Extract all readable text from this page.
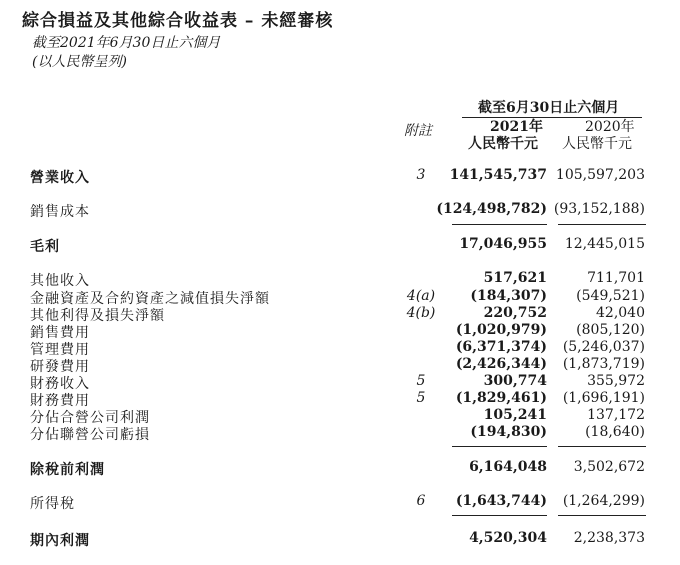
綜合損益及其他綜合收益表 – 未經審核
截至2021年6月30日止六個月
(以人民幣呈列)
截至6月30日止六個月
附註	2021年	2020年
人民幣千元 人民幣千元
營業收入	3	141,545,737 105,597,203
銷售成本	(124,498,782) (93,152,188)
毛利	17,046,955 12,445,015
其他收入	517,621	711,701
金融資產及合約資產之減值損失淨額	4(a)	(184,307) (549,521)
其他利得及損失淨額	4(b)	220,752	42,040
銷售費用	(1,020,979) (805,120)
管理費用	(6,371,374) (5,246,037)
研發費用	(2,426,344) (1,873,719)
財務收入	5	300,774	355,972
財務費用	5	(1,829,461) (1,696,191)
分佔合營公司利潤	105,241	137,172
分佔聯營公司虧損	(194,830)	(18,640)
除稅前利潤	6,164,048 3,502,672
所得稅	6	(1,643,744) (1,264,299)
期內利潤	4,520,304 2,238,373
